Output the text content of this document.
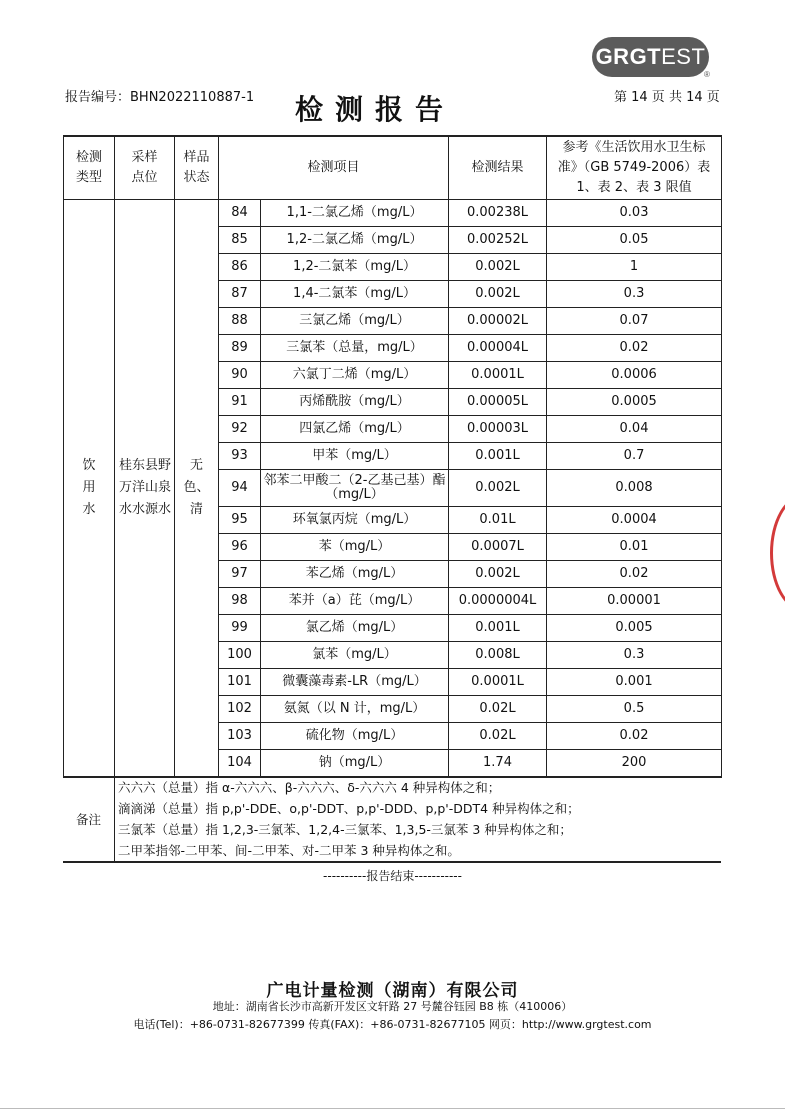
GRGTEST
®
报告编号：BHN2022110887-1	检测报告	第 14 页 共 14 页
检测类型	采样点位	样品状态	检测项目		检测结果	参考《生活饮用水卫生标准》（GB 5749-2006）表 1、表 2、表 3 限值

饮用水	桂东县野万洋山泉水水源水	无色、清	84	1,1-二氯乙烯（mg/L）	0.00238L	0.03
			85	1,2-二氯乙烯（mg/L）	0.00252L	0.05
			86	1,2-二氯苯（mg/L）	0.002L	1
			87	1,4-二氯苯（mg/L）	0.002L	0.3
			88	三氯乙烯（mg/L）	0.00002L	0.07
			89	三氯苯（总量，mg/L）	0.00004L	0.02
			90	六氯丁二烯（mg/L）	0.0001L	0.0006
			91	丙烯酰胺（mg/L）	0.00005L	0.0005
			92	四氯乙烯（mg/L）	0.00003L	0.04
			93	甲苯（mg/L）	0.001L	0.7
			94	邻苯二甲酸二（2-乙基己基）酯（mg/L）	0.002L	0.008
			95	环氧氯丙烷（mg/L）	0.01L	0.0004
			96	苯（mg/L）	0.0007L	0.01
			97	苯乙烯（mg/L）	0.002L	0.02
			98	苯并（a）芘（mg/L）	0.0000004L	0.00001
			99	氯乙烯（mg/L）	0.001L	0.005
			100	氯苯（mg/L）	0.008L	0.3
			101	微囊藻毒素-LR（mg/L）	0.0001L	0.001
			102	氨氮（以 N 计，mg/L）	0.02L	0.5
			103	硫化物（mg/L）	0.02L	0.02
			104	钠（mg/L）	1.74	200
备注	
六六六（总量）指 α-六六六、β-六六六、δ-六六六 4 种异构体之和；
滴滴涕（总量）指 p,p'-DDE、o,p'-DDT、p,p'-DDD、p,p'-DDT4 种异构体之和；
三氯苯（总量）指 1,2,3-三氯苯、1,2,4-三氯苯、1,3,5-三氯苯 3 种异构体之和；
二甲苯指邻-二甲苯、间-二甲苯、对-二甲苯 3 种异构体之和。
----------报告结束-----------
广电计量检测（湖南）有限公司
地址：湖南省长沙市高新开发区文轩路 27 号麓谷钰园 B8 栋（410006）
电话(Tel)：+86-0731-82677399 传真(FAX)：+86-0731-82677105 网页：http://www.grgtest.com
